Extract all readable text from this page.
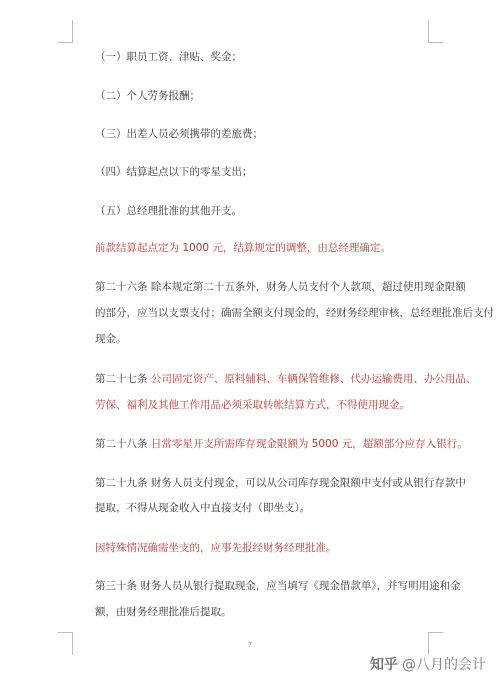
（一）职员工资、津贴、奖金；
（二）个人劳务报酬；
（三）出差人员必须携带的差旅费；
（四）结算起点以下的零星支出；
（五）总经理批准的其他开支。
前款结算起点定为 1000 元，结算规定的调整，由总经理确定。
第二十六条 除本规定第二十五条外，财务人员支付个人款项，超过使用现金限额
的部分，应当以支票支付；确需全额支付现金的，经财务经理审核，总经理批准后支付
现金。
第二十七条 公司固定资产、原料辅料、车辆保管维修、代办运输费用、办公用品、
劳保、福利及其他工作用品必须采取转帐结算方式，不得使用现金。
第二十八条 日常零星开支所需库存现金限额为 5000 元，超额部分应存入银行。
第二十九条 财务人员支付现金，可以从公司库存现金限额中支付或从银行存款中
提取，不得从现金收入中直接支付（即坐支）。
因特殊情况确需坐支的，应事先报经财务经理批准。
第三十条 财务人员从银行提取现金，应当填写《现金借款单》，并写明用途和金
额，由财务经理批准后提取。
7
知乎 @八月的会计
